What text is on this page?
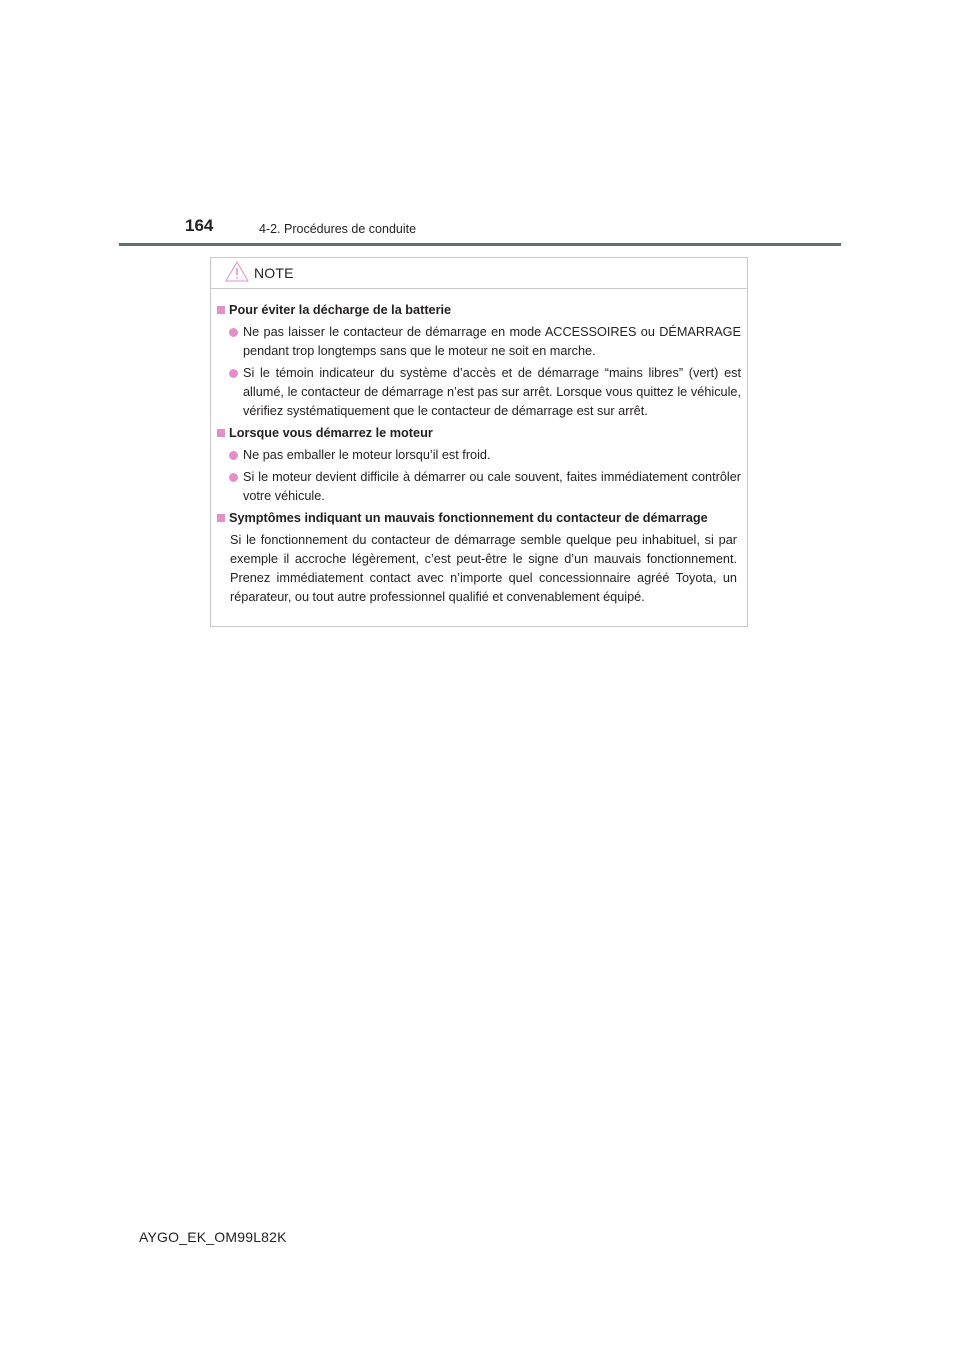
164	4-2. Procédures de conduite
NOTE
Pour éviter la décharge de la batterie
Ne pas laisser le contacteur de démarrage en mode ACCESSOIRES ou DÉMARRAGE pendant trop longtemps sans que le moteur ne soit en marche.
Si le témoin indicateur du système d’accès et de démarrage “mains libres” (vert) est allumé, le contacteur de démarrage n’est pas sur arrêt. Lorsque vous quittez le véhicule, vérifiez systématiquement que le contacteur de démarrage est sur arrêt.
Lorsque vous démarrez le moteur
Ne pas emballer le moteur lorsqu’il est froid.
Si le moteur devient difficile à démarrer ou cale souvent, faites immédiatement contrôler votre véhicule.
Symptômes indiquant un mauvais fonctionnement du contacteur de démarrage
Si le fonctionnement du contacteur de démarrage semble quelque peu inhabituel, si par exemple il accroche légèrement, c’est peut-être le signe d’un mauvais fonctionnement. Prenez immédiatement contact avec n’importe quel concessionnaire agréé Toyota, un réparateur, ou tout autre professionnel qualifié et convenablement équipé.
AYGO_EK_OM99L82K
